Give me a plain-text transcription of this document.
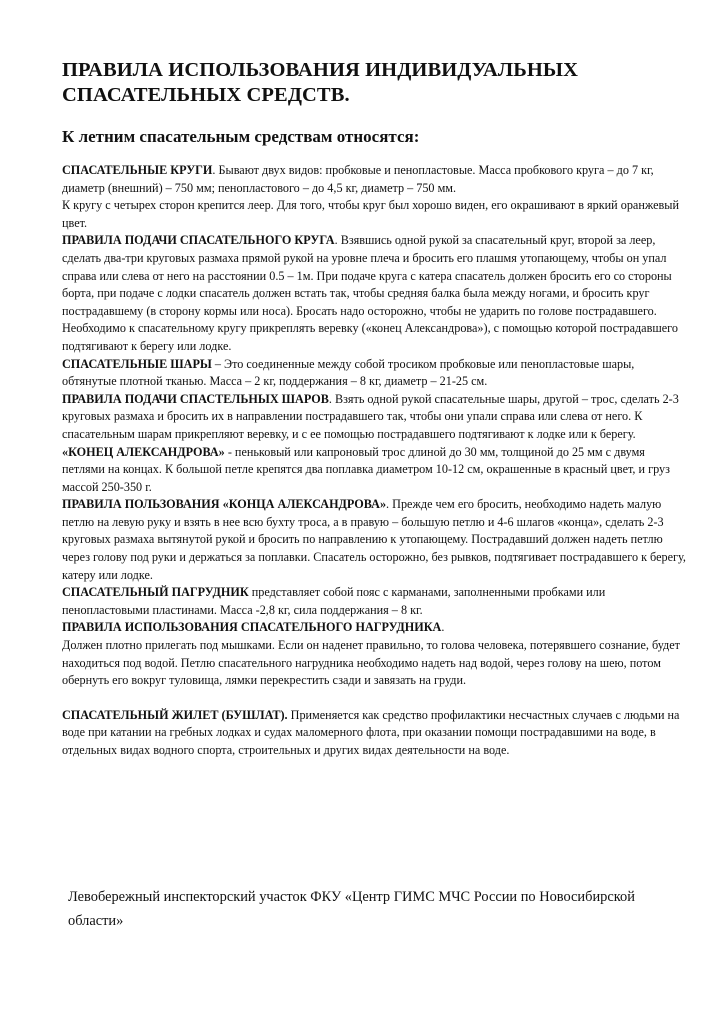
ПРАВИЛА ИСПОЛЬЗОВАНИЯ ИНДИВИДУАЛЬНЫХ
СПАСАТЕЛЬНЫХ СРЕДСТВ.
К летним спасательным средствам относятся:

СПАСАТЕЛЬНЫЕ КРУГИ. Бывают двух видов: пробковые и пенопластовые. Масса пробкового круга – до 7 кг, диаметр (внешний) – 750 мм; пенопластового – до 4,5 кг, диаметр – 750 мм.

К кругу с четырех сторон крепится леер. Для того, чтобы круг был хорошо виден, его окрашивают в яркий оранжевый цвет.

ПРАВИЛА ПОДАЧИ СПАСАТЕЛЬНОГО КРУГА. Взявшись одной рукой за спасательный круг, второй за леер, сделать два-три круговых размаха прямой рукой на уровне плеча и бросить его плашмя утопающему, чтобы он упал справа или слева от него на расстоянии 0.5 – 1м. При подаче круга с катера спасатель должен бросить его со стороны борта, при подаче с лодки спасатель должен встать так, чтобы средняя балка была между ногами, и бросить круг пострадавшему (в сторону кормы или носа). Бросать надо осторожно, чтобы не ударить по голове пострадавшего. Необходимо к спасательному кругу прикреплять веревку («конец Александрова»), с помощью которой пострадавшего подтягивают к берегу или лодке.

СПАСАТЕЛЬНЫЕ ШАРЫ – Это соединенные между собой тросиком пробковые или пенопластовые шары, обтянутые плотной тканью. Масса – 2 кг, поддержания – 8 кг, диаметр – 21-25 см.

ПРАВИЛА ПОДАЧИ СПАСТЕЛЬНЫХ ШАРОВ. Взять одной рукой спасательные шары, другой – трос, сделать 2-3 круговых размаха и бросить их в направлении пострадавшего так, чтобы они упали справа или слева от него. К спасательным шарам прикрепляют веревку, и с ее помощью пострадавшего подтягивают к лодке или к берегу.

«КОНЕЦ АЛЕКСАНДРОВА» - пеньковый или капроновый трос длиной до 30 мм, толщиной до 25 мм с двумя петлями на концах. К большой петле крепятся два поплавка диаметром 10-12 см, окрашенные в красный цвет, и груз массой 250-350 г.

ПРАВИЛА ПОЛЬЗОВАНИЯ «КОНЦА АЛЕКСАНДРОВА». Прежде чем его бросить, необходимо надеть малую петлю на левую руку и взять в нее всю бухту троса, а в правую – большую петлю и 4-6 шлагов «конца», сделать 2-3 круговых размаха вытянутой рукой и бросить по направлению к утопающему. Пострадавший должен надеть петлю через голову под руки и держаться за поплавки. Спасатель осторожно, без рывков, подтягивает пострадавшего к берегу, катеру или лодке.

СПАСАТЕЛЬНЫЙ ПАГРУДНИК представляет собой пояс с карманами, заполненными пробками или пенопластовыми пластинами. Масса -2,8 кг, сила поддержания – 8 кг.

ПРАВИЛА ИСПОЛЬЗОВАНИЯ СПАСАТЕЛЬНОГО НАГРУДНИКА.

Должен плотно прилегать под мышками. Если он наденет правильно, то голова человека, потерявшего сознание, будет находиться под водой. Петлю спасательного нагрудника необходимо надеть над водой, через голову на шею, потом обернуть его вокруг туловища, лямки перекрестить сзади и завязать на груди.

СПАСАТЕЛЬНЫЙ ЖИЛЕТ (БУШЛАТ). Применяется как средство профилактики несчастных случаев с людьми на воде при катании на гребных лодках и судах маломерного флота, при оказании помощи пострадавшими на воде, в отдельных видах водного спорта, строительных и других видах деятельности на воде.

Левобережный инспекторский участок ФКУ «Центр ГИМС МЧС России по Новосибирской области»
